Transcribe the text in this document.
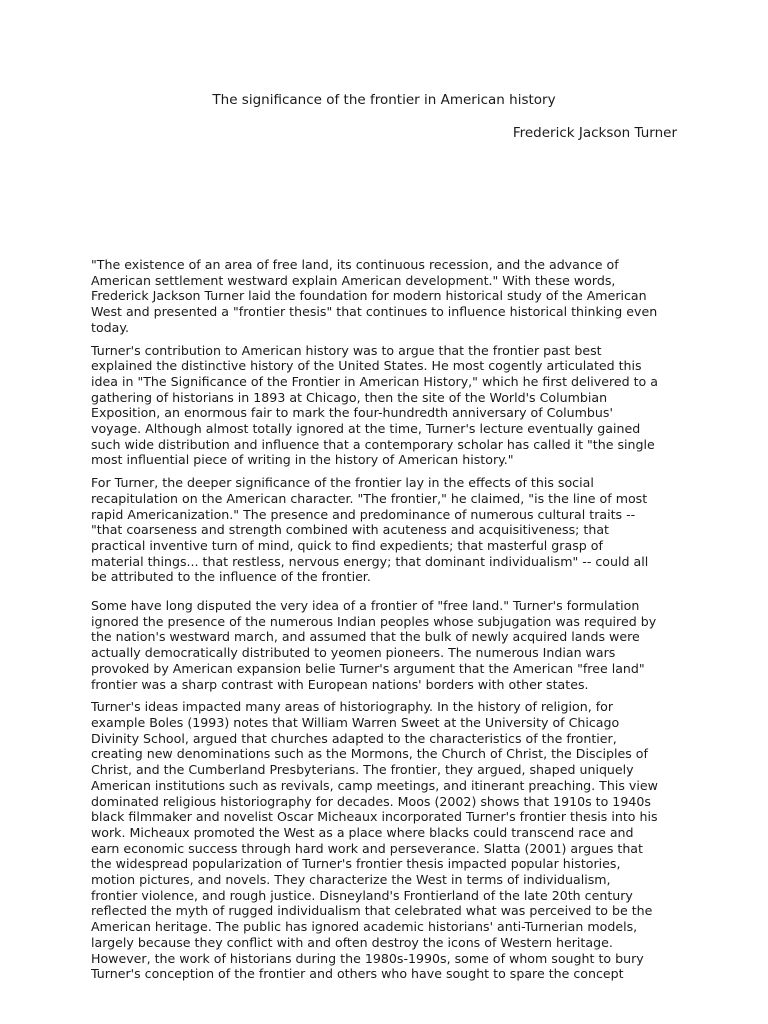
The significance of the frontier in American history
Frederick Jackson Turner

"The existence of an area of free land, its continuous recession, and the advance of
American settlement westward explain American development." With these words,
Frederick Jackson Turner laid the foundation for modern historical study of the American
West and presented a "frontier thesis" that continues to influence historical thinking even
today.

Turner's contribution to American history was to argue that the frontier past best
explained the distinctive history of the United States. He most cogently articulated this
idea in "The Significance of the Frontier in American History," which he first delivered to a
gathering of historians in 1893 at Chicago, then the site of the World's Columbian
Exposition, an enormous fair to mark the four-hundredth anniversary of Columbus'
voyage. Although almost totally ignored at the time, Turner's lecture eventually gained
such wide distribution and influence that a contemporary scholar has called it "the single
most influential piece of writing in the history of American history."

For Turner, the deeper significance of the frontier lay in the effects of this social
recapitulation on the American character. "The frontier," he claimed, "is the line of most
rapid Americanization." The presence and predominance of numerous cultural traits --
"that coarseness and strength combined with acuteness and acquisitiveness; that
practical inventive turn of mind, quick to find expedients; that masterful grasp of
material things... that restless, nervous energy; that dominant individualism" -- could all
be attributed to the influence of the frontier.

Some have long disputed the very idea of a frontier of "free land." Turner's formulation
ignored the presence of the numerous Indian peoples whose subjugation was required by
the nation's westward march, and assumed that the bulk of newly acquired lands were
actually democratically distributed to yeomen pioneers. The numerous Indian wars
provoked by American expansion belie Turner's argument that the American "free land"
frontier was a sharp contrast with European nations' borders with other states.

Turner's ideas impacted many areas of historiography. In the history of religion, for
example Boles (1993) notes that William Warren Sweet at the University of Chicago
Divinity School, argued that churches adapted to the characteristics of the frontier,
creating new denominations such as the Mormons, the Church of Christ, the Disciples of
Christ, and the Cumberland Presbyterians. The frontier, they argued, shaped uniquely
American institutions such as revivals, camp meetings, and itinerant preaching. This view
dominated religious historiography for decades. Moos (2002) shows that 1910s to 1940s
black filmmaker and novelist Oscar Micheaux incorporated Turner's frontier thesis into his
work. Micheaux promoted the West as a place where blacks could transcend race and
earn economic success through hard work and perseverance. Slatta (2001) argues that
the widespread popularization of Turner's frontier thesis impacted popular histories,
motion pictures, and novels. They characterize the West in terms of individualism,
frontier violence, and rough justice. Disneyland's Frontierland of the late 20th century
reflected the myth of rugged individualism that celebrated what was perceived to be the
American heritage. The public has ignored academic historians' anti-Turnerian models,
largely because they conflict with and often destroy the icons of Western heritage.
However, the work of historians during the 1980s-1990s, some of whom sought to bury
Turner's conception of the frontier and others who have sought to spare the concept
